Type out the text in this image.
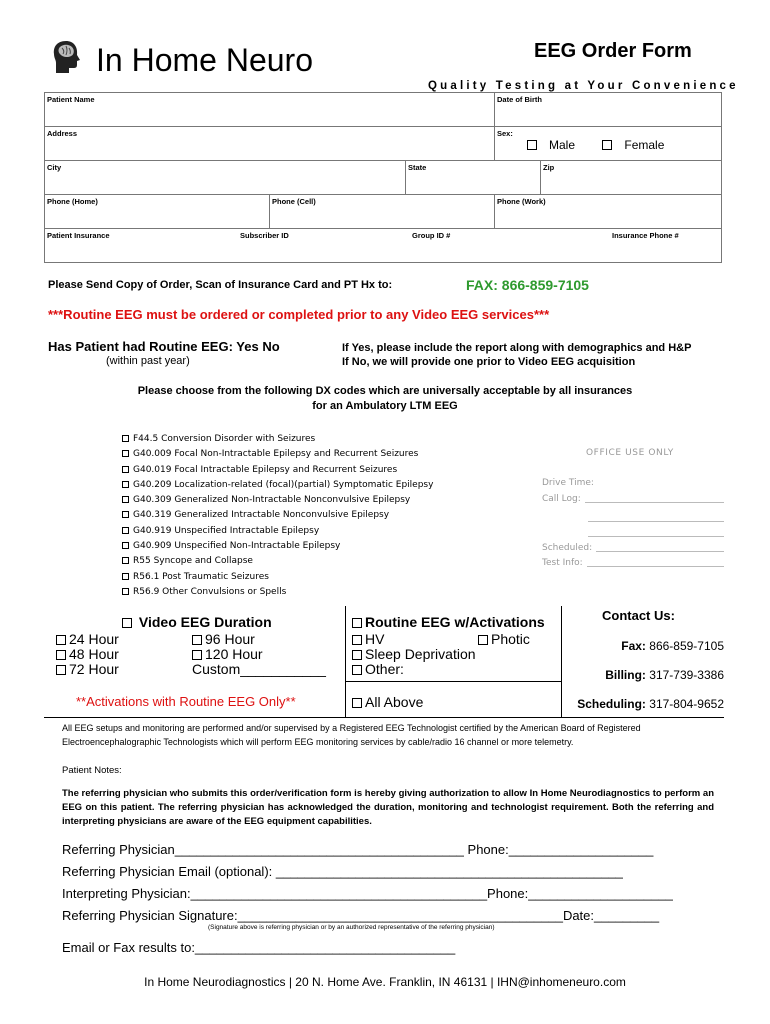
In Home Neuro	EEG Order Form
Quality Testing at Your Convenience
Patient Name	Date of Birth
Address	Sex:
Male	Female
City	State	Zip
Phone (Home)	Phone (Cell)	Phone (Work)
Patient Insurance	Subscriber ID	Group ID #	Insurance Phone #
Please Send Copy of Order, Scan of Insurance Card and PT Hx to:	FAX: 866-859-7105
***Routine EEG must be ordered or completed prior to any Video EEG services***
Has Patient had Routine EEG: Yes No
(within past year)
If Yes, please include the report along with demographics and H&P
If No, we will provide one prior to Video EEG acquisition
Please choose from the following DX codes which are universally acceptable by all insurances
for an Ambulatory LTM EEG
F44.5 Conversion Disorder with Seizures
G40.009 Focal Non-Intractable Epilepsy and Recurrent Seizures
G40.019 Focal Intractable Epilepsy and Recurrent Seizures
G40.209 Localization-related (focal)(partial) Symptomatic Epilepsy
G40.309 Generalized Non-Intractable Nonconvulsive Epilepsy
G40.319 Generalized Intractable Nonconvulsive Epilepsy
G40.919 Unspecified Intractable Epilepsy
G40.909 Unspecified Non-Intractable Epilepsy
R55 Syncope and Collapse
R56.1 Post Traumatic Seizures
R56.9 Other Convulsions or Spells
OFFICE USE ONLY
Drive Time:
Call Log:
Scheduled:
Test Info:
Video EEG Duration
24 Hour
48 Hour
72 Hour
96 Hour
120 Hour
Custom___________
**Activations with Routine EEG Only**
Routine EEG w/Activations
HV	Photic
Sleep Deprivation
Other:
All Above
Contact Us:
Fax: 866-859-7105
Billing: 317-739-3386
Scheduling: 317-804-9652
All EEG setups and monitoring are performed and/or supervised by a Registered EEG Technologist certified by the American Board of Registered Electroencephalographic Technologists which will perform EEG monitoring services by cable/radio 16 channel or more telemetry.
Patient Notes:
The referring physician who submits this order/verification form is hereby giving authorization to allow In Home Neurodiagnostics to perform an EEG on this patient. The referring physician has acknowledged the duration, monitoring and technologist requirement. Both the referring and interpreting physicians are aware of the EEG equipment capabilities.
Referring Physician________________________________________ Phone:____________________
Referring Physician Email (optional): ________________________________________________
Interpreting Physician:_________________________________________Phone:____________________
Referring Physician Signature:_____________________________________________Date:_________
(Signature above is referring physician or by an authorized representative of the referring physician)
Email or Fax results to:____________________________________
In Home Neurodiagnostics | 20 N. Home Ave. Franklin, IN 46131 | IHN@inhomeneuro.com
